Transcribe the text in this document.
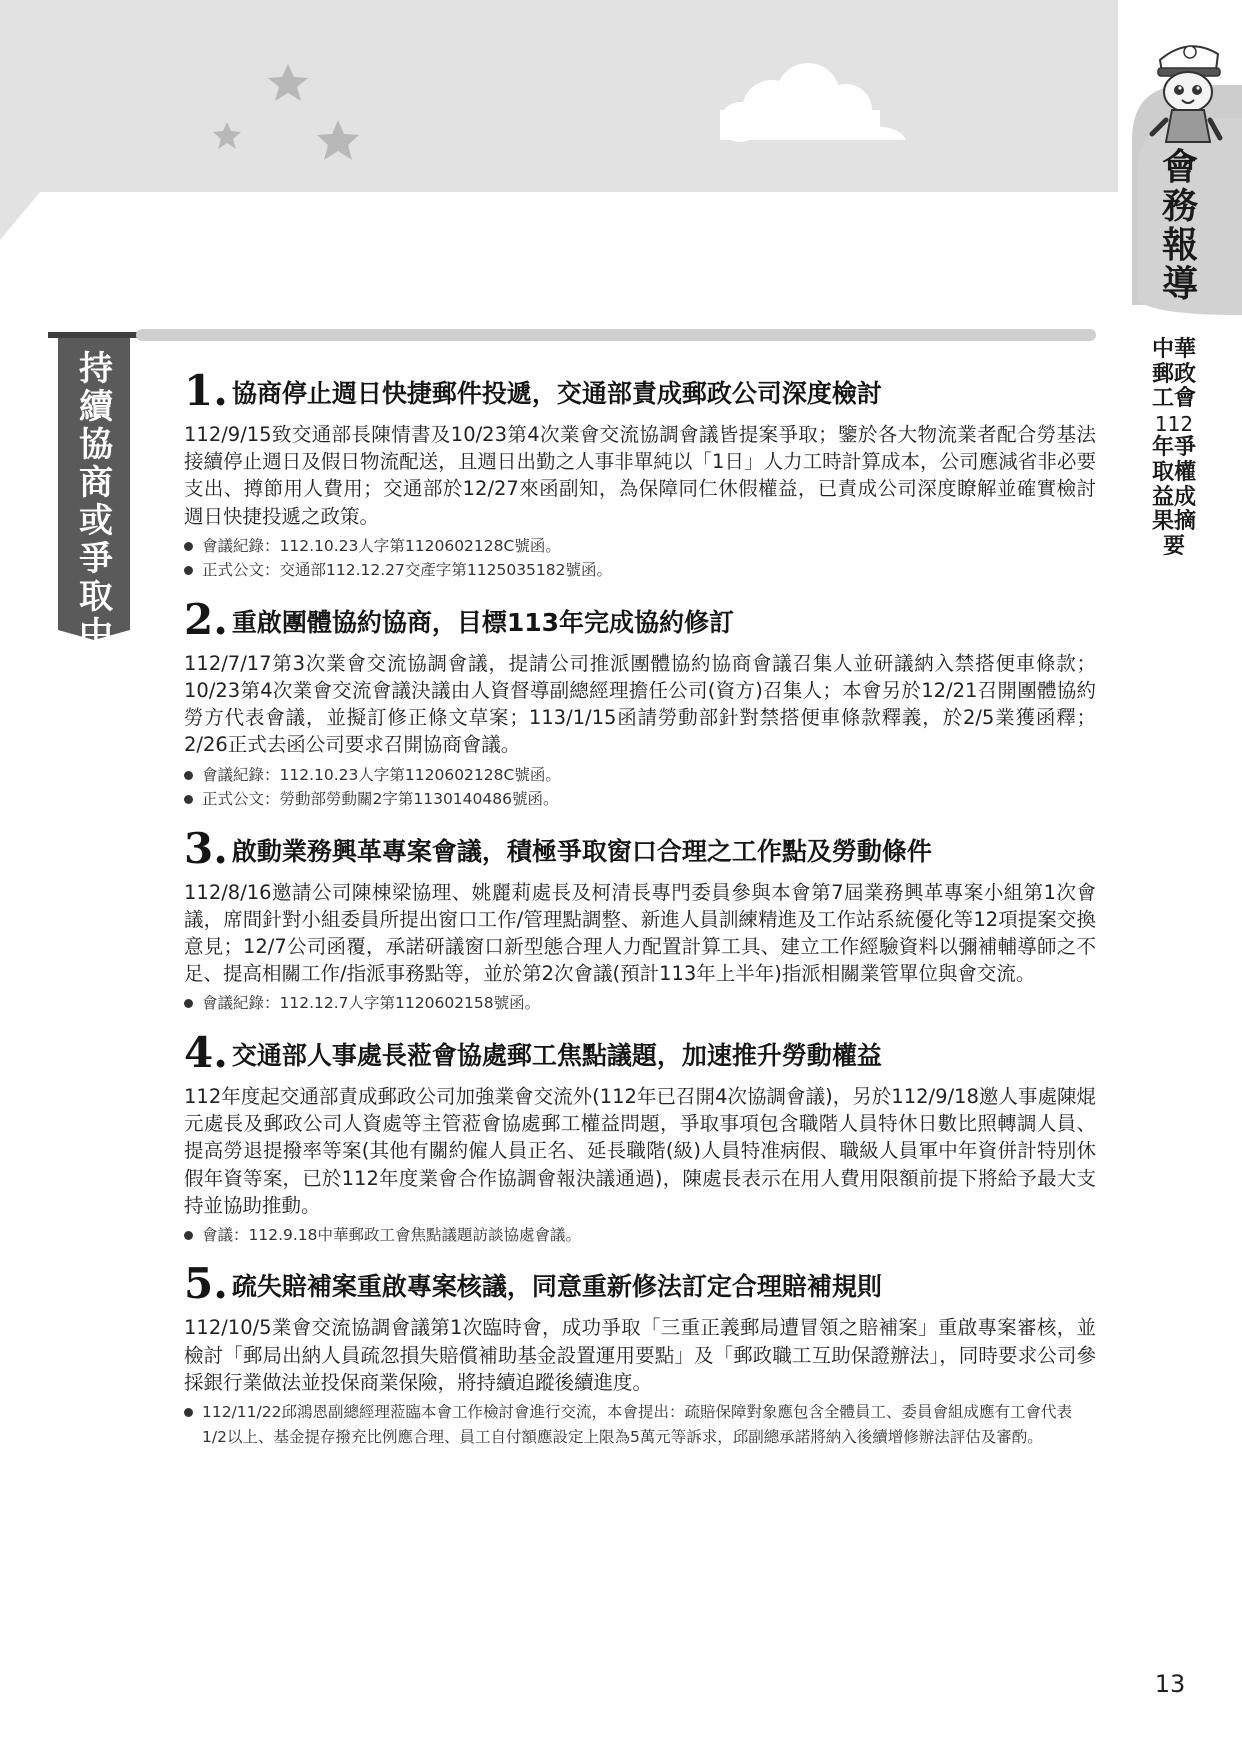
會務報導
中華郵政工會
112
年爭取權益成果摘要
持續協商或爭取中
1. 協商停止週日快捷郵件投遞，交通部責成郵政公司深度檢討

112/9/15致交通部長陳情書及10/23第4次業會交流協調會議皆提案爭取；鑒於各大物流業者配合勞基法接續停止週日及假日物流配送，且週日出勤之人事非單純以「1日」人力工時計算成本，公司應減省非必要支出、撙節用人費用；交通部於12/27來函副知，為保障同仁休假權益，已責成公司深度瞭解並確實檢討週日快捷投遞之政策。

會議紀錄：112.10.23人字第1120602128C號函。
正式公文：交通部112.12.27交產字第1125035182號函。
2. 重啟團體協約協商，目標113年完成協約修訂

112/7/17第3次業會交流協調會議，提請公司推派團體協約協商會議召集人並研議納入禁搭便車條款；10/23第4次業會交流會議決議由人資督導副總經理擔任公司(資方)召集人；本會另於12/21召開團體協約勞方代表會議，並擬訂修正條文草案；113/1/15函請勞動部針對禁搭便車條款釋義，於2/5業獲函釋；2/26正式去函公司要求召開協商會議。

會議紀錄：112.10.23人字第1120602128C號函。
正式公文：勞動部勞動關2字第1130140486號函。
3. 啟動業務興革專案會議，積極爭取窗口合理之工作點及勞動條件

112/8/16邀請公司陳棟梁協理、姚麗莉處長及柯清長專門委員參與本會第7屆業務興革專案小組第1次會議，席間針對小組委員所提出窗口工作/管理點調整、新進人員訓練精進及工作站系統優化等12項提案交換意見；12/7公司函覆，承諾研議窗口新型態合理人力配置計算工具、建立工作經驗資料以彌補輔導師之不足、提高相關工作/指派事務點等，並於第2次會議(預計113年上半年)指派相關業管單位與會交流。

會議紀錄：112.12.7人字第1120602158號函。
4. 交通部人事處長蒞會協處郵工焦點議題，加速推升勞動權益

112年度起交通部責成郵政公司加強業會交流外(112年已召開4次協調會議)，另於112/9/18邀人事處陳焜元處長及郵政公司人資處等主管蒞會協處郵工權益問題，爭取事項包含職階人員特休日數比照轉調人員、提高勞退提撥率等案(其他有關約僱人員正名、延長職階(級)人員特准病假、職級人員軍中年資併計特別休假年資等案，已於112年度業會合作協調會報決議通過)，陳處長表示在用人費用限額前提下將給予最大支持並協助推動。

會議：112.9.18中華郵政工會焦點議題訪談協處會議。
5. 疏失賠補案重啟專案核議，同意重新修法訂定合理賠補規則

112/10/5業會交流協調會議第1次臨時會，成功爭取「三重正義郵局遭冒領之賠補案」重啟專案審核，並檢討「郵局出納人員疏忽損失賠償補助基金設置運用要點」及「郵政職工互助保證辦法」，同時要求公司參採銀行業做法並投保商業保險，將持續追蹤後續進度。

112/11/22邱鴻恩副總經理蒞臨本會工作檢討會進行交流，本會提出：疏賠保障對象應包含全體員工、委員會組成應有工會代表1/2以上、基金提存撥充比例應合理、員工自付額應設定上限為5萬元等訴求，邱副總承諾將納入後續增修辦法評估及審酌。
13
